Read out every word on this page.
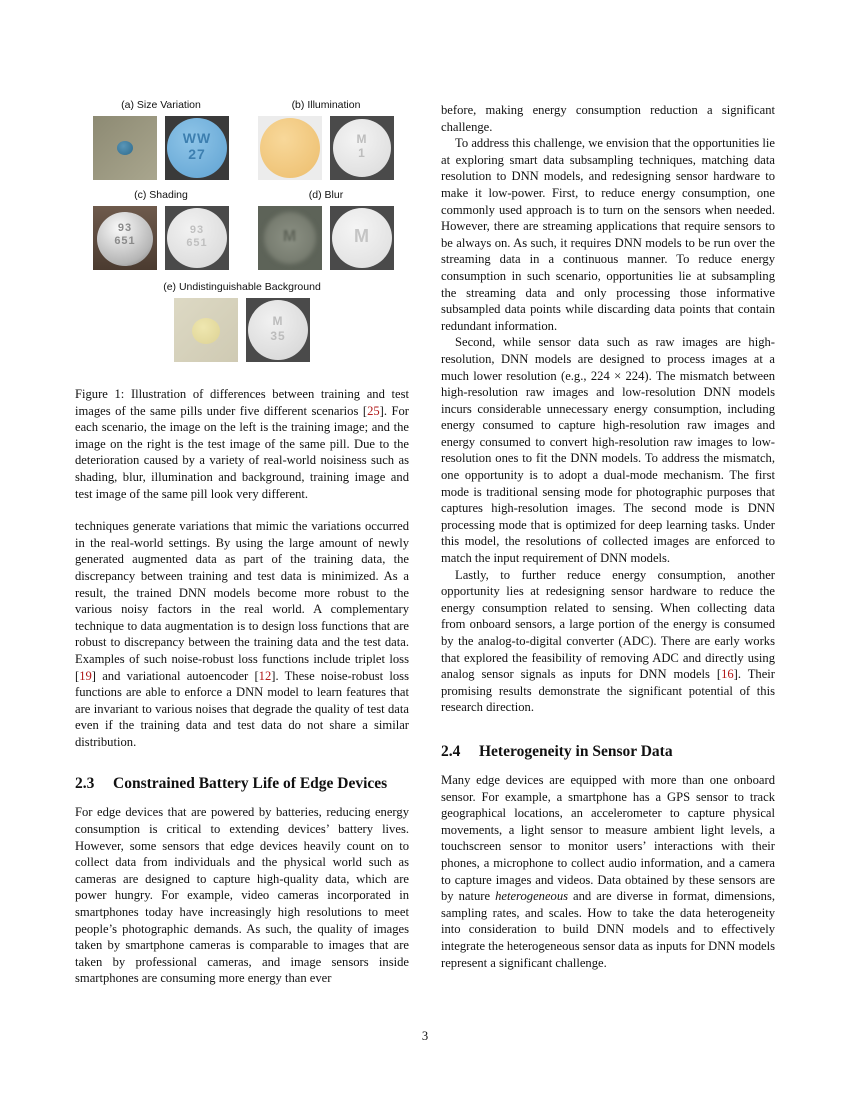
(a) Size Variation
WW
27
(b) Illumination
M
1
(c) Shading
93
651
93
651
(d) Blur
M	M
(e) Undistinguishable Background
M
35

Figure 1: Illustration of differences between training and test images of the same pills under five different scenarios [25]. For each scenario, the image on the left is the training image; and the image on the right is the test image of the same pill. Due to the deterioration caused by a variety of real-world noisiness such as shading, blur, illumination and background, training image and test image of the same pill look very different.

techniques generate variations that mimic the variations occurred in the real-world settings. By using the large amount of newly generated augmented data as part of the training data, the discrepancy between training and test data is minimized. As a result, the trained DNN models become more robust to the various noisy factors in the real world. A complementary technique to data augmentation is to design loss functions that are robust to discrepancy between the training data and the test data. Examples of such noise-robust loss functions include triplet loss [19] and variational autoencoder [12]. These noise-robust loss functions are able to enforce a DNN model to learn features that are invariant to various noises that degrade the quality of test data even if the training data and test data do not share a similar distribution.

2.3 Constrained Battery Life of Edge Devices

For edge devices that are powered by batteries, reducing energy consumption is critical to extending devices’ battery lives. However, some sensors that edge devices heavily count on to collect data from individuals and the physical world such as cameras are designed to capture high-quality data, which are power hungry. For example, video cameras incorporated in smartphones today have increasingly high resolutions to meet people’s photographic demands. As such, the quality of images taken by smartphone cameras is comparable to images that are taken by professional cameras, and image sensors inside smartphones are consuming more energy than ever

before, making energy consumption reduction a significant challenge.

To address this challenge, we envision that the opportunities lie at exploring smart data subsampling techniques, matching data resolution to DNN models, and redesigning sensor hardware to make it low-power. First, to reduce energy consumption, one commonly used approach is to turn on the sensors when needed. However, there are streaming applications that require sensors to be always on. As such, it requires DNN models to be run over the streaming data in a continuous manner. To reduce energy consumption in such scenario, opportunities lie at subsampling the streaming data and only processing those informative subsampled data points while discarding data points that contain redundant information.

Second, while sensor data such as raw images are high-resolution, DNN models are designed to process images at a much lower resolution (e.g., 224 × 224). The mismatch between high-resolution raw images and low-resolution DNN models incurs considerable unnecessary energy consumption, including energy consumed to capture high-resolution raw images and energy consumed to convert high-resolution raw images to low-resolution ones to fit the DNN models. To address the mismatch, one opportunity is to adopt a dual-mode mechanism. The first mode is traditional sensing mode for photographic purposes that captures high-resolution images. The second mode is DNN processing mode that is optimized for deep learning tasks. Under this model, the resolutions of collected images are enforced to match the input requirement of DNN models.

Lastly, to further reduce energy consumption, another opportunity lies at redesigning sensor hardware to reduce the energy consumption related to sensing. When collecting data from onboard sensors, a large portion of the energy is consumed by the analog-to-digital converter (ADC). There are early works that explored the feasibility of removing ADC and directly using analog sensor signals as inputs for DNN models [16]. Their promising results demonstrate the significant potential of this research direction.

2.4 Heterogeneity in Sensor Data

Many edge devices are equipped with more than one onboard sensor. For example, a smartphone has a GPS sensor to track geographical locations, an accelerometer to capture physical movements, a light sensor to measure ambient light levels, a touchscreen sensor to monitor users’ interactions with their phones, a microphone to collect audio information, and a camera to capture images and videos. Data obtained by these sensors are by nature heterogeneous and are diverse in format, dimensions, sampling rates, and scales. How to take the data heterogeneity into consideration to build DNN models and to effectively integrate the heterogeneous sensor data as inputs for DNN models represent a significant challenge.

3
